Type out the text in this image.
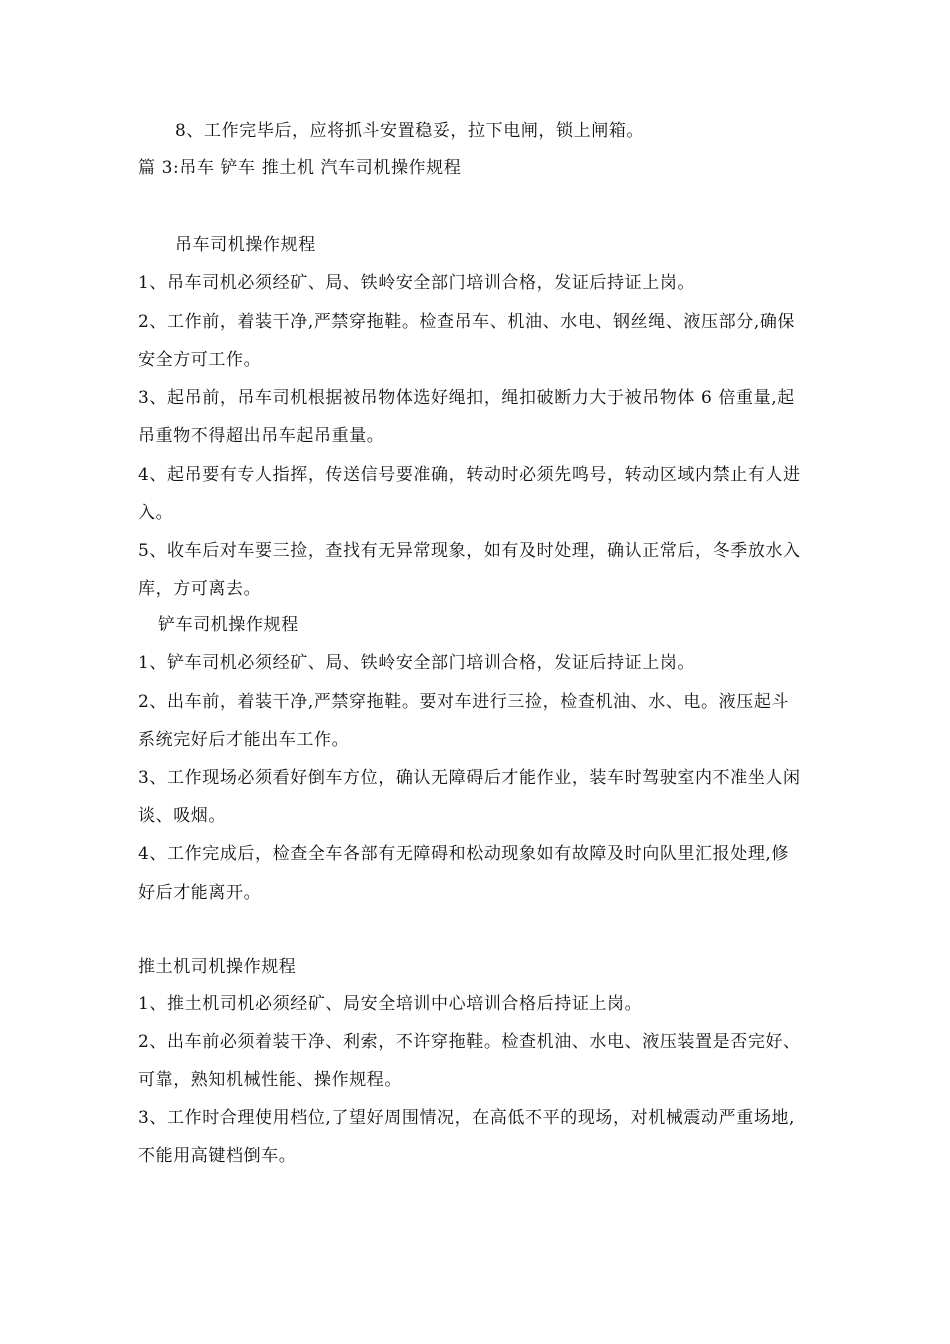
8、工作完毕后，应将抓斗安置稳妥，拉下电闸，锁上闸箱。
篇 3:吊车 铲车 推土机 汽车司机操作规程
吊车司机操作规程
1、吊车司机必须经矿、局、铁岭安全部门培训合格，发证后持证上岗。
2、工作前，着装干净,严禁穿拖鞋。检查吊车、机油、水电、钢丝绳、液压部分,确保
安全方可工作。
3、起吊前，吊车司机根据被吊物体选好绳扣，绳扣破断力大于被吊物体 6 倍重量,起
吊重物不得超出吊车起吊重量。
4、起吊要有专人指挥，传送信号要准确，转动时必须先鸣号，转动区域内禁止有人进
入。
5、收车后对车要三捡，查找有无异常现象，如有及时处理，确认正常后，冬季放水入
库，方可离去。
铲车司机操作规程
1、铲车司机必须经矿、局、铁岭安全部门培训合格，发证后持证上岗。
2、出车前，着装干净,严禁穿拖鞋。要对车进行三捡，检查机油、水、电。液压起斗
系统完好后才能出车工作。
3、工作现场必须看好倒车方位，确认无障碍后才能作业，装车时驾驶室内不准坐人闲
谈、吸烟。
4、工作完成后，检查全车各部有无障碍和松动现象如有故障及时向队里汇报处理,修
好后才能离开。
推土机司机操作规程
1、推土机司机必须经矿、局安全培训中心培训合格后持证上岗。
2、出车前必须着装干净、利索，不许穿拖鞋。检查机油、水电、液压装置是否完好、
可靠，熟知机械性能、操作规程。
3、工作时合理使用档位,了望好周围情况，在高低不平的现场，对机械震动严重场地,
不能用高键档倒车。
